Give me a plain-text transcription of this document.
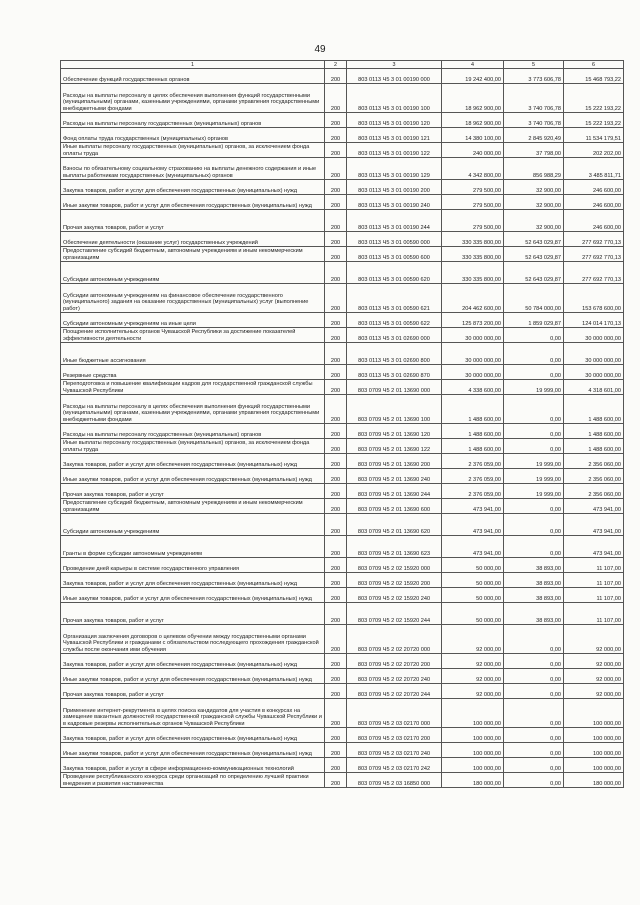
49
1	2	3	4	5	6
Обеспечение функций государственных органов	200	803 0113 Ч5 3 01 00190 000	19 242 400,00	3 773 606,78	15 468 793,22
Расходы на выплаты персоналу в целях обеспечения выполнения функций государственными (муниципальными) органами, казенными учреждениями, органами управления государственными внебюджетными фондами	200	803 0113 Ч5 3 01 00190 100	18 962 900,00	3 740 706,78	15 222 193,22
Расходы на выплаты персоналу государственных (муниципальных) органов	200	803 0113 Ч5 3 01 00190 120	18 962 900,00	3 740 706,78	15 222 193,22
Фонд оплаты труда государственных (муниципальных) органов	200	803 0113 Ч5 3 01 00190 121	14 380 100,00	2 845 920,49	11 534 179,51
Иные выплаты персоналу государственных (муниципальных) органов, за исключением фонда оплаты труда	200	803 0113 Ч5 3 01 00190 122	240 000,00	37 798,00	202 202,00
Взносы по обязательному социальному страхованию на выплаты денежного содержания и иные выплаты работникам государственных (муниципальных) органов	200	803 0113 Ч5 3 01 00190 129	4 342 800,00	856 988,29	3 485 811,71
Закупка товаров, работ и услуг для обеспечения государственных (муниципальных) нужд	200	803 0113 Ч5 3 01 00190 200	279 500,00	32 900,00	246 600,00
Иные закупки товаров, работ и услуг для обеспечения государственных (муниципальных) нужд	200	803 0113 Ч5 3 01 00190 240	279 500,00	32 900,00	246 600,00
Прочая закупка товаров, работ и услуг	200	803 0113 Ч5 3 01 00190 244	279 500,00	32 900,00	246 600,00
Обеспечение деятельности (оказание услуг) государственных учреждений	200	803 0113 Ч5 3 01 00590 000	330 335 800,00	52 643 029,87	277 692 770,13
Предоставление субсидий бюджетным, автономным учреждениям и иным некоммерческим организациям	200	803 0113 Ч5 3 01 00590 600	330 335 800,00	52 643 029,87	277 692 770,13
Субсидии автономным учреждениям	200	803 0113 Ч5 3 01 00590 620	330 335 800,00	52 643 029,87	277 692 770,13
Субсидии автономным учреждениям на финансовое обеспечение государственного (муниципального) задания на оказание государственных (муниципальных) услуг (выполнение работ)	200	803 0113 Ч5 3 01 00590 621	204 462 600,00	50 784 000,00	153 678 600,00
Субсидии автономным учреждениям на иные цели	200	803 0113 Ч5 3 01 00590 622	125 873 200,00	1 859 029,87	124 014 170,13
Поощрение исполнительных органов Чувашской Республики за достижение показателей эффективности деятельности	200	803 0113 Ч5 3 01 02690 000	30 000 000,00	0,00	30 000 000,00
Иные бюджетные ассигнования	200	803 0113 Ч5 3 01 02690 800	30 000 000,00	0,00	30 000 000,00
Резервные средства	200	803 0113 Ч5 3 01 02690 870	30 000 000,00	0,00	30 000 000,00
Переподготовка и повышение квалификации кадров для государственной гражданской службы Чувашской Республики	200	803 0709 Ч5 2 01 13690 000	4 338 600,00	19 999,00	4 318 601,00
Расходы на выплаты персоналу в целях обеспечения выполнения функций государственными (муниципальными) органами, казенными учреждениями, органами управления государственными внебюджетными фондами	200	803 0709 Ч5 2 01 13690 100	1 488 600,00	0,00	1 488 600,00
Расходы на выплаты персоналу государственных (муниципальных) органов	200	803 0709 Ч5 2 01 13690 120	1 488 600,00	0,00	1 488 600,00
Иные выплаты персоналу государственных (муниципальных) органов, за исключением фонда оплаты труда	200	803 0709 Ч5 2 01 13690 122	1 488 600,00	0,00	1 488 600,00
Закупка товаров, работ и услуг для обеспечения государственных (муниципальных) нужд	200	803 0709 Ч5 2 01 13690 200	2 376 059,00	19 999,00	2 356 060,00
Иные закупки товаров, работ и услуг для обеспечения государственных (муниципальных) нужд	200	803 0709 Ч5 2 01 13690 240	2 376 059,00	19 999,00	2 356 060,00
Прочая закупка товаров, работ и услуг	200	803 0709 Ч5 2 01 13690 244	2 376 059,00	19 999,00	2 356 060,00
Предоставление субсидий бюджетным, автономным учреждениям и иным некоммерческим организациям	200	803 0709 Ч5 2 01 13690 600	473 941,00	0,00	473 941,00
Субсидии автономным учреждениям	200	803 0709 Ч5 2 01 13690 620	473 941,00	0,00	473 941,00
Гранты в форме субсидии автономным учреждениям	200	803 0709 Ч5 2 01 13690 623	473 941,00	0,00	473 941,00
Проведение дней карьеры в системе государственного управления	200	803 0709 Ч5 2 02 15920 000	50 000,00	38 893,00	11 107,00
Закупка товаров, работ и услуг для обеспечения государственных (муниципальных) нужд	200	803 0709 Ч5 2 02 15920 200	50 000,00	38 893,00	11 107,00
Иные закупки товаров, работ и услуг для обеспечения государственных (муниципальных) нужд	200	803 0709 Ч5 2 02 15920 240	50 000,00	38 893,00	11 107,00
Прочая закупка товаров, работ и услуг	200	803 0709 Ч5 2 02 15920 244	50 000,00	38 893,00	11 107,00
Организация заключения договоров о целевом обучении между государственными органами Чувашской Республики и гражданами с обязательством последующего прохождения гражданской службы после окончания ими обучения	200	803 0709 Ч5 2 02 20720 000	92 000,00	0,00	92 000,00
Закупка товаров, работ и услуг для обеспечения государственных (муниципальных) нужд	200	803 0709 Ч5 2 02 20720 200	92 000,00	0,00	92 000,00
Иные закупки товаров, работ и услуг для обеспечения государственных (муниципальных) нужд	200	803 0709 Ч5 2 02 20720 240	92 000,00	0,00	92 000,00
Прочая закупка товаров, работ и услуг	200	803 0709 Ч5 2 02 20720 244	92 000,00	0,00	92 000,00
Применение интернет-рекрутмента в целях поиска кандидатов для участия в конкурсах на замещение вакантных должностей государственной гражданской службы Чувашской Республики и в кадровые резервы исполнительных органов Чувашской Республики	200	803 0709 Ч5 2 03 02170 000	100 000,00	0,00	100 000,00
Закупка товаров, работ и услуг для обеспечения государственных (муниципальных) нужд	200	803 0709 Ч5 2 03 02170 200	100 000,00	0,00	100 000,00
Иные закупки товаров, работ и услуг для обеспечения государственных (муниципальных) нужд	200	803 0709 Ч5 2 03 02170 240	100 000,00	0,00	100 000,00
Закупка товаров, работ и услуг в сфере информационно-коммуникационных технологий	200	803 0709 Ч5 2 03 02170 242	100 000,00	0,00	100 000,00
Проведение республиканского конкурса среди организаций по определению лучшей практики внедрения и развития наставничества	200	803 0709 Ч5 2 03 16850 000	180 000,00	0,00	180 000,00
